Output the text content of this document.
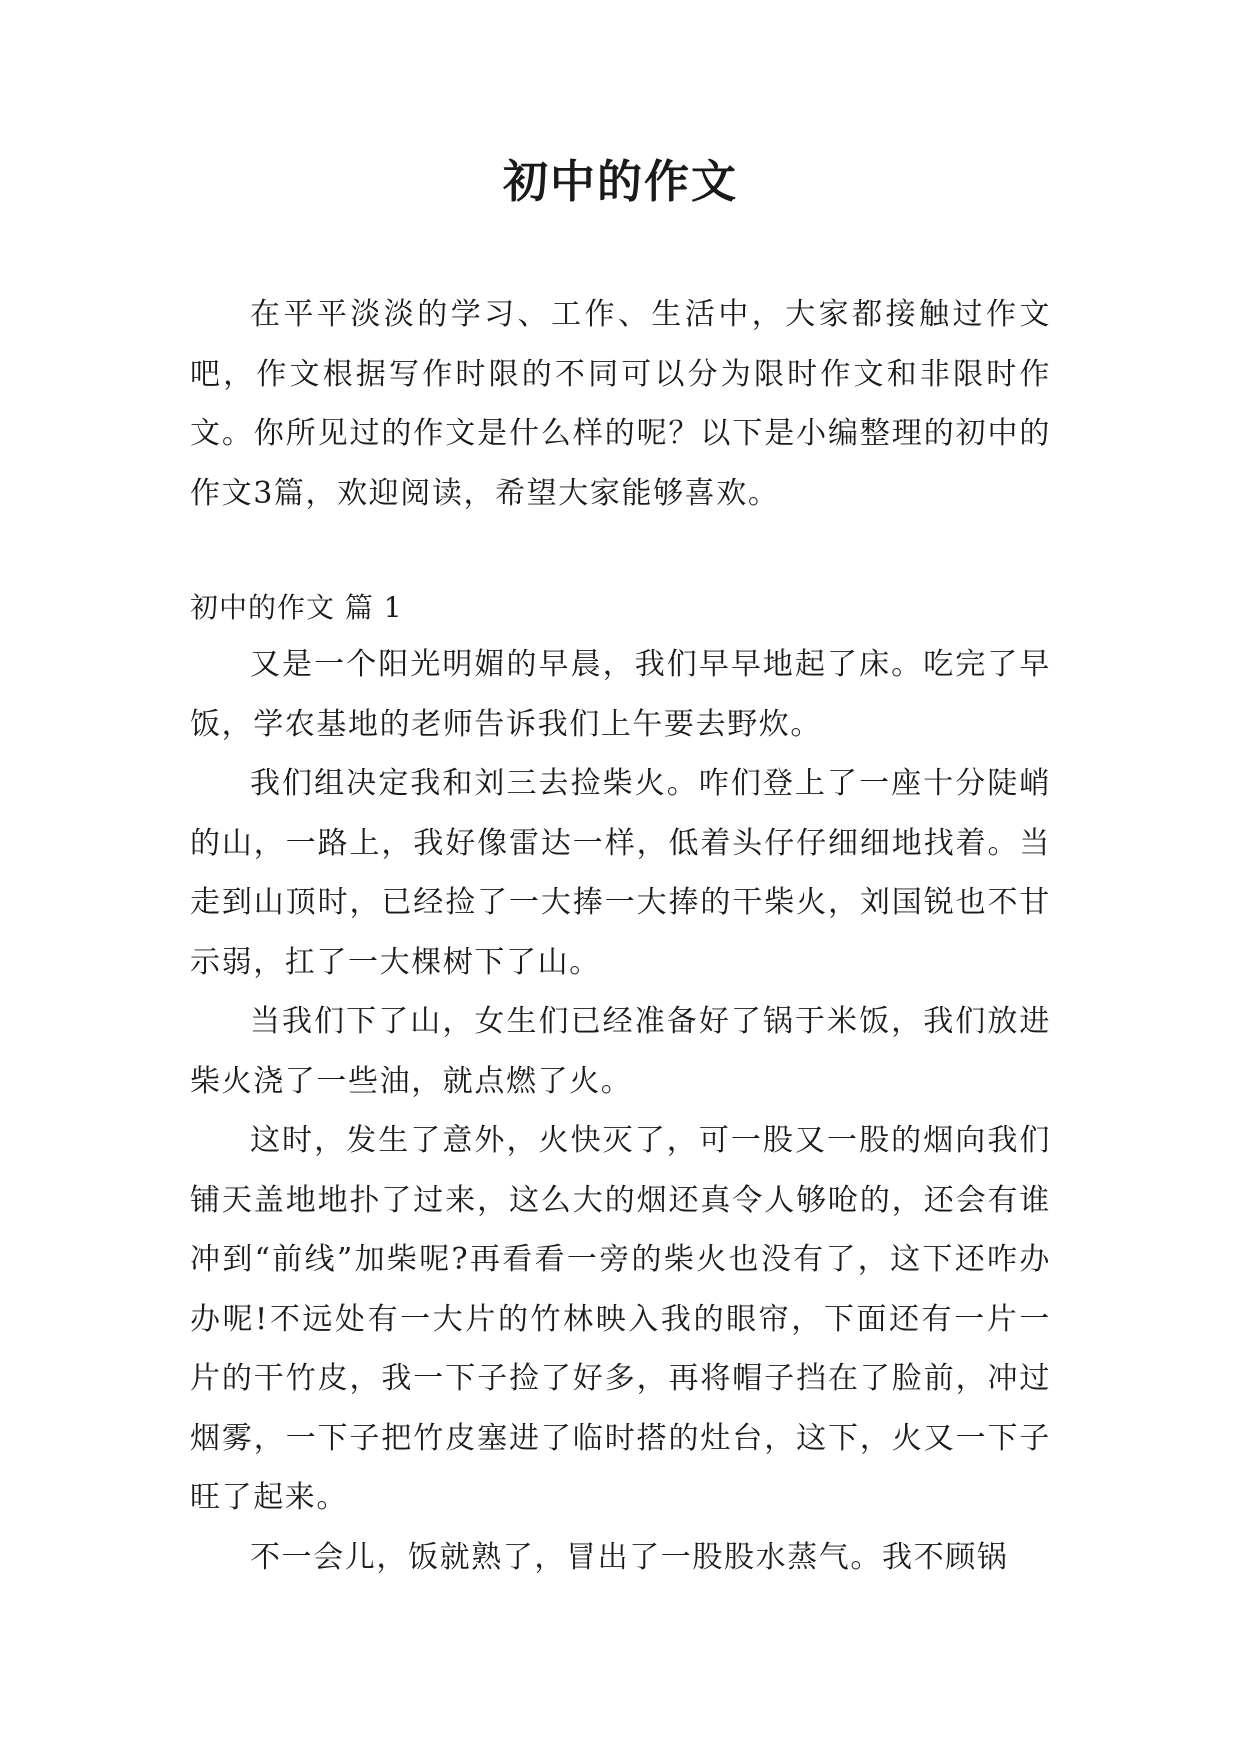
初中的作文

在平平淡淡的学习、工作、生活中，大家都接触过作文吧，作文根据写作时限的不同可以分为限时作文和非限时作文。你所见过的作文是什么样的呢？以下是小编整理的初中的作文3篇，欢迎阅读，希望大家能够喜欢。

初中的作文 篇 1

又是一个阳光明媚的早晨，我们早早地起了床。吃完了早饭，学农基地的老师告诉我们上午要去野炊。

我们组决定我和刘三去捡柴火。咋们登上了一座十分陡峭的山，一路上，我好像雷达一样，低着头仔仔细细地找着。当走到山顶时，已经捡了一大捧一大捧的干柴火，刘国锐也不甘示弱，扛了一大棵树下了山。

当我们下了山，女生们已经准备好了锅于米饭，我们放进柴火浇了一些油，就点燃了火。

这时，发生了意外，火快灭了，可一股又一股的烟向我们铺天盖地地扑了过来，这么大的烟还真令人够呛的，还会有谁冲到“前线”加柴呢?再看看一旁的柴火也没有了，这下还咋办办呢!不远处有一大片的竹林映入我的眼帘，下面还有一片一片的干竹皮，我一下子捡了好多，再将帽子挡在了脸前，冲过烟雾，一下子把竹皮塞进了临时搭的灶台，这下，火又一下子旺了起来。

不一会儿，饭就熟了，冒出了一股股水蒸气。我不顾锅
